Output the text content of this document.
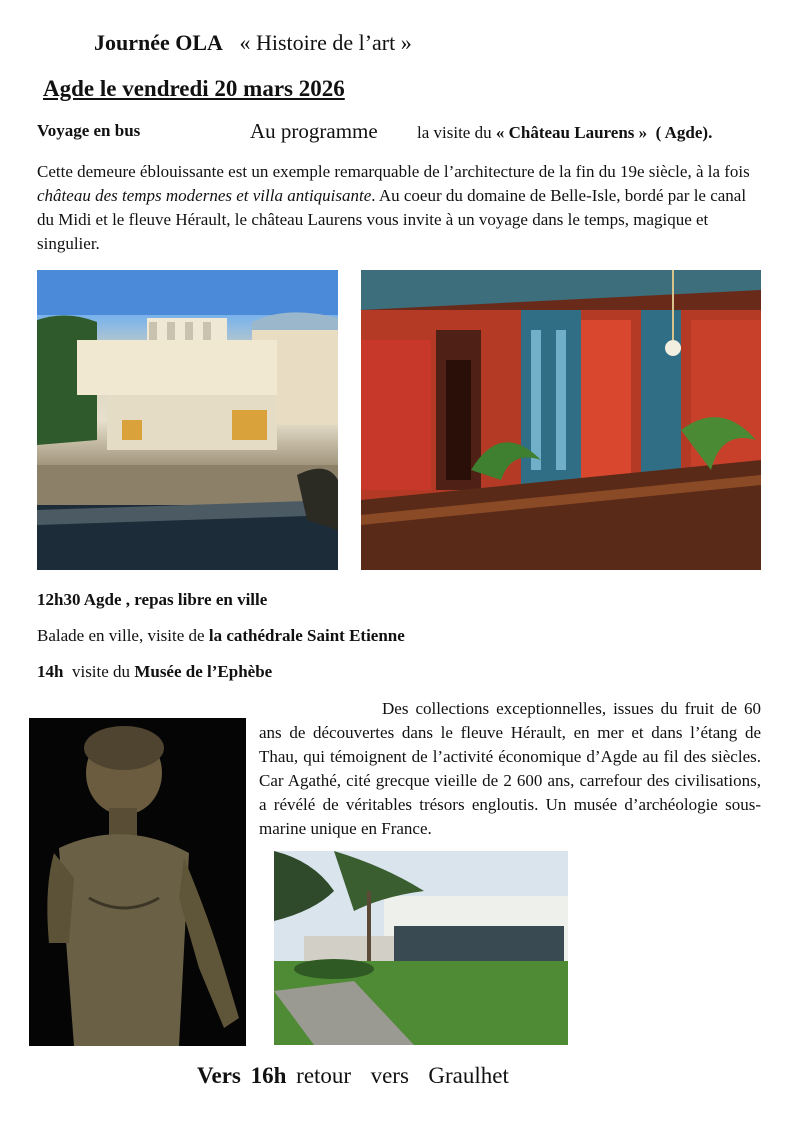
Journée OLA « Histoire de l’art »
Agde le vendredi 20 mars 2026
Voyage en bus	Au programme la visite du « Château Laurens » ( Agde).
Cette demeure éblouissante est un exemple remarquable de l’architecture de la fin du 19e siècle, à la fois château des temps modernes et villa antiquisante. Au coeur du domaine de Belle-Isle, bordé par le canal du Midi et le fleuve Hérault, le château Laurens vous invite à un voyage dans le temps, magique et singulier.
12h30 Agde , repas libre en ville
Balade en ville, visite de la cathédrale Saint Etienne
14h  visite du Musée de l’Ephèbe
Des collections exceptionnelles, issues du fruit de 60 ans de découvertes dans le fleuve Hérault, en mer et dans l’étang de Thau, qui témoignent de l’activité économique d’Agde au fil des siècles. Car Agathé, cité grecque vieille de 2 600 ans, carrefour des civilisations, a révélé de véritables trésors engloutis. Un musée d’archéologie sous-marine unique en France.
Vers 16h retour  vers  Graulhet
